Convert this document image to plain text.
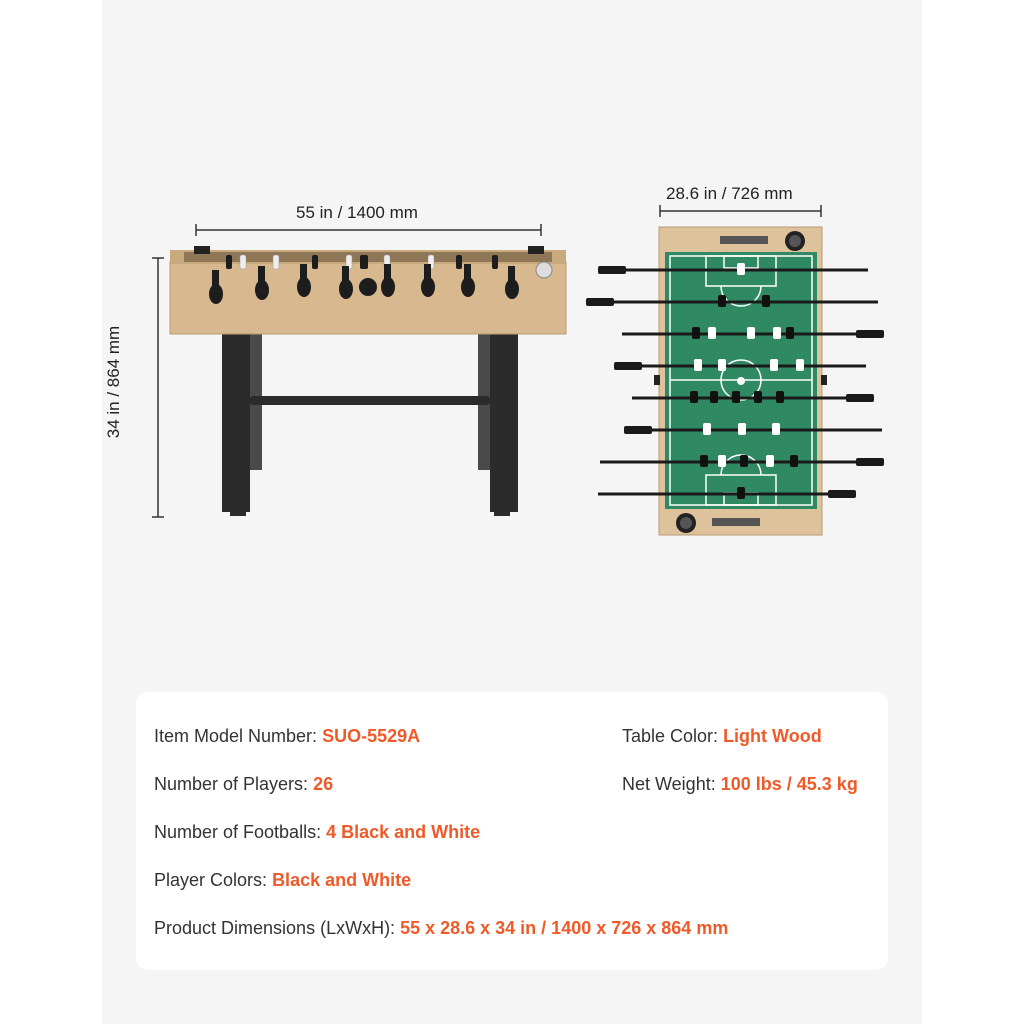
55 in / 1400 mm
28.6 in / 726 mm
34 in / 864 mm
Item Model Number: SUO-5529A
Number of Players: 26
Number of Footballs: 4 Black and White
Player Colors: Black and White
Product Dimensions (LxWxH): 55 x 28.6 x 34 in / 1400 x 726 x 864 mm
Table Color: Light Wood
Net Weight: 100 lbs / 45.3 kg
